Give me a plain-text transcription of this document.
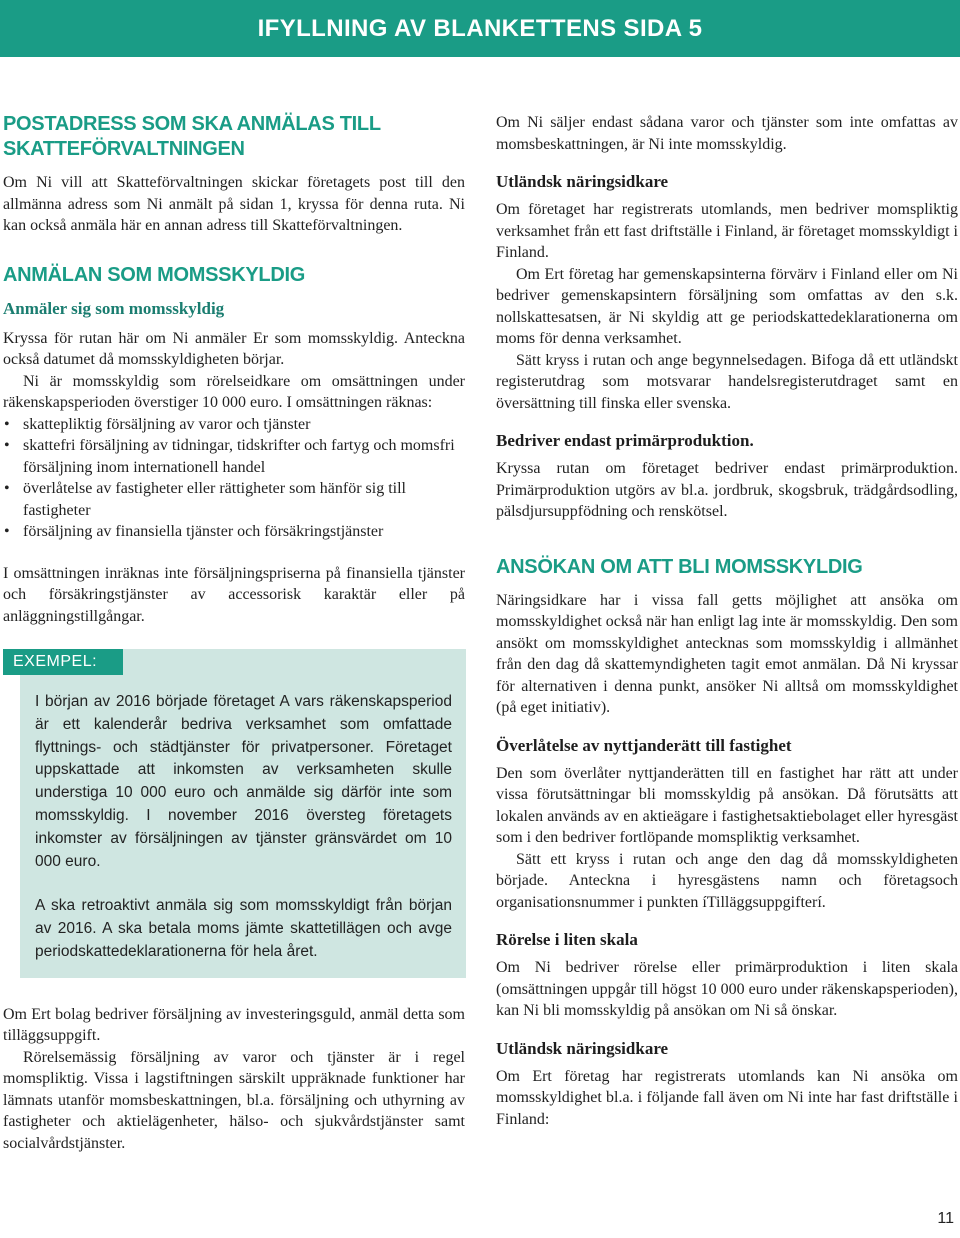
IFYLLNING AV BLANKETTENS SIDA 5
POSTADRESS SOM SKA ANMÄLAS TILL SKATTEFÖRVALTNINGEN

Om Ni vill att Skatteförvaltningen skickar företagets post till den allmänna adress som Ni anmält på sidan 1, kryssa för denna ruta. Ni kan också anmäla här en annan adress till Skatteförvaltningen.

ANMÄLAN SOM MOMSSKYLDIG
Anmäler sig som momsskyldig

Kryssa för rutan här om Ni anmäler Er som momsskyldig. Anteckna också datumet då momsskyldigheten börjar.

Ni är momsskyldig som rörelseidkare om omsättningen under räkenskapsperioden överstiger 10 000 euro. I omsättningen räknas:

• skattepliktig försäljning av varor och tjänster
• skattefri försäljning av tidningar, tidskrifter och fartyg och momsfri försäljning inom internationell handel
• överlåtelse av fastigheter eller rättigheter som hänför sig till fastigheter
• försäljning av finansiella tjänster och försäkringstjänster

I omsättningen inräknas inte försäljningspriserna på finansiella tjänster och försäkringstjänster av accessorisk karaktär eller på anläggningstillgångar.

EXEMPEL:

I början av 2016 började företaget A vars räkenskapsperiod är ett kalenderår bedriva verksamhet som omfattade flyttnings- och städtjänster för privatpersoner. Företaget uppskattade att inkomsten av verksamheten skulle understiga 10 000 euro och anmälde sig därför inte som momsskyldig. I november 2016 översteg företagets inkomster av försäljningen av tjänster gränsvärdet om 10 000 euro.

A ska retroaktivt anmäla sig som momsskyldigt från början av 2016. A ska betala moms jämte skattetillägen och avge periodskattedeklarationerna för hela året.

Om Ert bolag bedriver försäljning av investeringsguld, anmäl detta som tilläggsuppgift.

Rörelsemässig försäljning av varor och tjänster är i regel momspliktig. Vissa i lagstiftningen särskilt uppräknade funktioner har lämnats utanför momsbeskattningen, bl.a. försäljning och uthyrning av fastigheter och aktielägenheter, hälso- och sjukvårdstjänster samt socialvårdstjänster.

Om Ni säljer endast sådana varor och tjänster som inte omfattas av momsbeskattningen, är Ni inte momsskyldig.

Utländsk näringsidkare

Om företaget har registrerats utomlands, men bedriver momspliktig verksamhet från ett fast driftställe i Finland, är företaget momsskyldigt i Finland.

Om Ert företag har gemenskapsinterna förvärv i Finland eller om Ni bedriver gemenskapsintern försäljning som omfattas av den s.k. nollskattesatsen, är Ni skyldig att ge periodskattedeklarationerna om moms för denna verksamhet.

Sätt kryss i rutan och ange begynnelsedagen. Bifoga då ett utländskt registerutdrag som motsvarar handelsregisterutdraget samt en översättning till finska eller svenska.

Bedriver endast primärproduktion.

Kryssa rutan om företaget bedriver endast primärproduktion. Primärproduktion utgörs av bl.a. jordbruk, skogsbruk, trädgårdsodling, pälsdjursuppfödning och renskötsel.

ANSÖKAN OM ATT BLI MOMSSKYLDIG

Näringsidkare har i vissa fall getts möjlighet att ansöka om momsskyldighet också när han enligt lag inte är momsskyldig. Den som ansökt om momsskyldighet antecknas som momsskyldig i allmänhet från den dag då skattemyndigheten tagit emot anmälan. Då Ni kryssar för alternativen i denna punkt, ansöker Ni alltså om momsskyldighet (på eget initiativ).

Överlåtelse av nyttjanderätt till fastighet

Den som överlåter nyttjanderätten till en fastighet har rätt att under vissa förutsättningar bli momsskyldig på ansökan. Då förutsätts att lokalen används av en aktieägare i fastighetsaktiebolaget eller hyresgäst som i den bedriver fortlöpande momspliktig verksamhet.

Sätt ett kryss i rutan och ange den dag då momsskyldigheten började. Anteckna i hyresgästens namn och företagsoch organisationsnummer i punkten íTilläggsuppgifterí.

Rörelse i liten skala

Om Ni bedriver rörelse eller primärproduktion i liten skala (omsättningen uppgår till högst 10 000 euro under räkenskapsperioden), kan Ni bli momsskyldig på ansökan om Ni så önskar.

Utländsk näringsidkare

Om Ert företag har registrerats utomlands kan Ni ansöka om momsskyldighet bl.a. i följande fall även om Ni inte har fast driftställe i Finland:

11
